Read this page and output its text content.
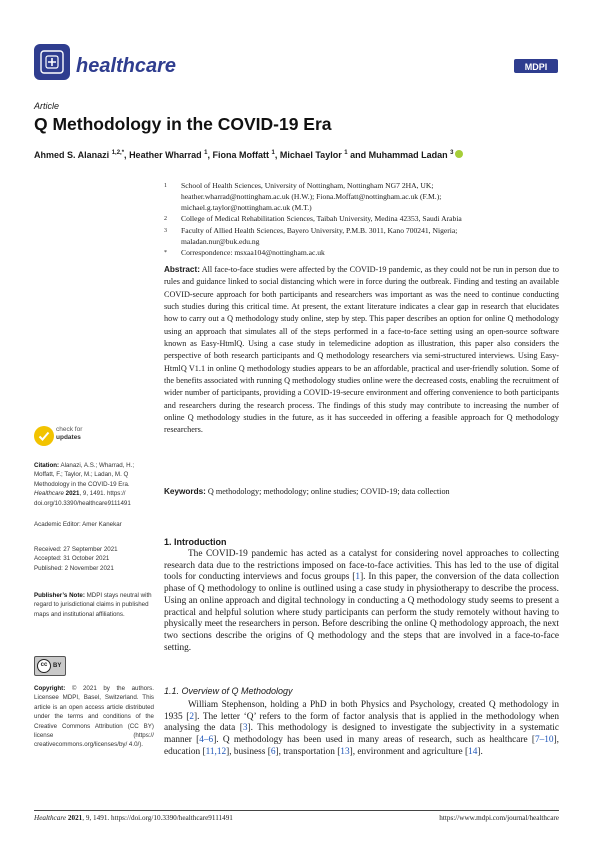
healthcare	MDPI
Article
Q Methodology in the COVID-19 Era
Ahmed S. Alanazi $^{1,2,*}$, Heather Wharrad $^1$, Fiona Moffatt $^1$, Michael Taylor $^1$ and Muhammad Ladan $^3$
1	School of Health Sciences, University of Nottingham, Nottingham NG7 2HA, UK;
heather.wharrad@nottingham.ac.uk (H.W.); Fiona.Moffatt@nottingham.ac.uk (F.M.);
michael.g.taylor@nottingham.ac.uk (M.T.)
2	College of Medical Rehabilitation Sciences, Taibah University, Medina 42353, Saudi Arabia
3	Faculty of Allied Health Sciences, Bayero University, P.M.B. 3011, Kano 700241, Nigeria;
maladan.nur@buk.edu.ng
*	Correspondence: msxaa104@nottingham.ac.uk
Abstract: All face-to-face studies were affected by the COVID-19 pandemic, as they could not be run in person due to rules and guidance linked to social distancing which were in force during the outbreak. Finding and testing an available COVID-secure approach for both participants and researchers was important as was the need to continue conducting such studies during this critical time. At present, the extant literature indicates a clear gap in research that elucidates how to carry out a Q methodology study online, step by step. This paper describes an option for online Q methodology using an approach that simulates all of the steps performed in a face-to-face setting using an open-source software known as Easy-HtmlQ. Using a case study in telemedicine adoption as illustration, this paper also considers the perspective of both research participants and Q methodology researchers via semi-structured interviews. Using Easy-HtmlQ V1.1 in online Q methodology studies appears to be an affordable, practical and user-friendly solution. Some of the benefits associated with running Q methodology studies online were the decreased costs, enabling the recruitment of wider number of participants, providing a COVID-19-secure environment and offering convenience to both participants and researchers during the research process. The findings of this study may contribute to increasing the number of online Q methodology studies in the future, as it has succeeded in offering a feasible approach for Q methodology researchers.
Keywords: Q methodology; methodology; online studies; COVID-19; data collection
check for
updates
Citation: Alanazi, A.S.; Wharrad, H.; Moffatt, F.; Taylor, M.; Ladan, M. Q Methodology in the COVID-19 Era. Healthcare 2021, 9, 1491. https:// doi.org/10.3390/healthcare9111491
Academic Editor: Amer Kanekar
Received: 27 September 2021
Accepted: 31 October 2021
Published: 2 November 2021
Publisher’s Note: MDPI stays neutral with regard to jurisdictional claims in published maps and institutional affiliations.
cc BY
Copyright: © 2021 by the authors. Licensee MDPI, Basel, Switzerland. This article is an open access article distributed under the terms and conditions of the Creative Commons Attribution (CC BY) license (https:// creativecommons.org/licenses/by/ 4.0/).
1. Introduction
The COVID-19 pandemic has acted as a catalyst for considering novel approaches to collecting research data due to the restrictions imposed on face-to-face activities. This has led to the use of digital tools for conducting interviews and focus groups [1]. In this paper, the conversion of the data collection phase of Q methodology to online is outlined using a case study in physiotherapy to describe the process. Using an online approach and digital technology in conducting a Q methodology study seems to present a practical and helpful solution where study participants can perform the study remotely without having to physically meet the researchers in person. Before describing the online Q methodology approach, the next two sections describe the origins of Q methodology and the steps that are involved in a face-to-face setting.
1.1. Overview of Q Methodology
William Stephenson, holding a PhD in both Physics and Psychology, created Q methodology in 1935 [2]. The letter ‘Q’ refers to the form of factor analysis that is applied in the methodology when analysing the data [3]. This methodology is designed to investigate the subjectivity in a systematic manner [4–6]. Q methodology has been used in many areas of research, such as healthcare [7–10], education [11,12], business [6], transportation [13], environment and agriculture [14].
Healthcare 2021, 9, 1491. https://doi.org/10.3390/healthcare9111491	https://www.mdpi.com/journal/healthcare
